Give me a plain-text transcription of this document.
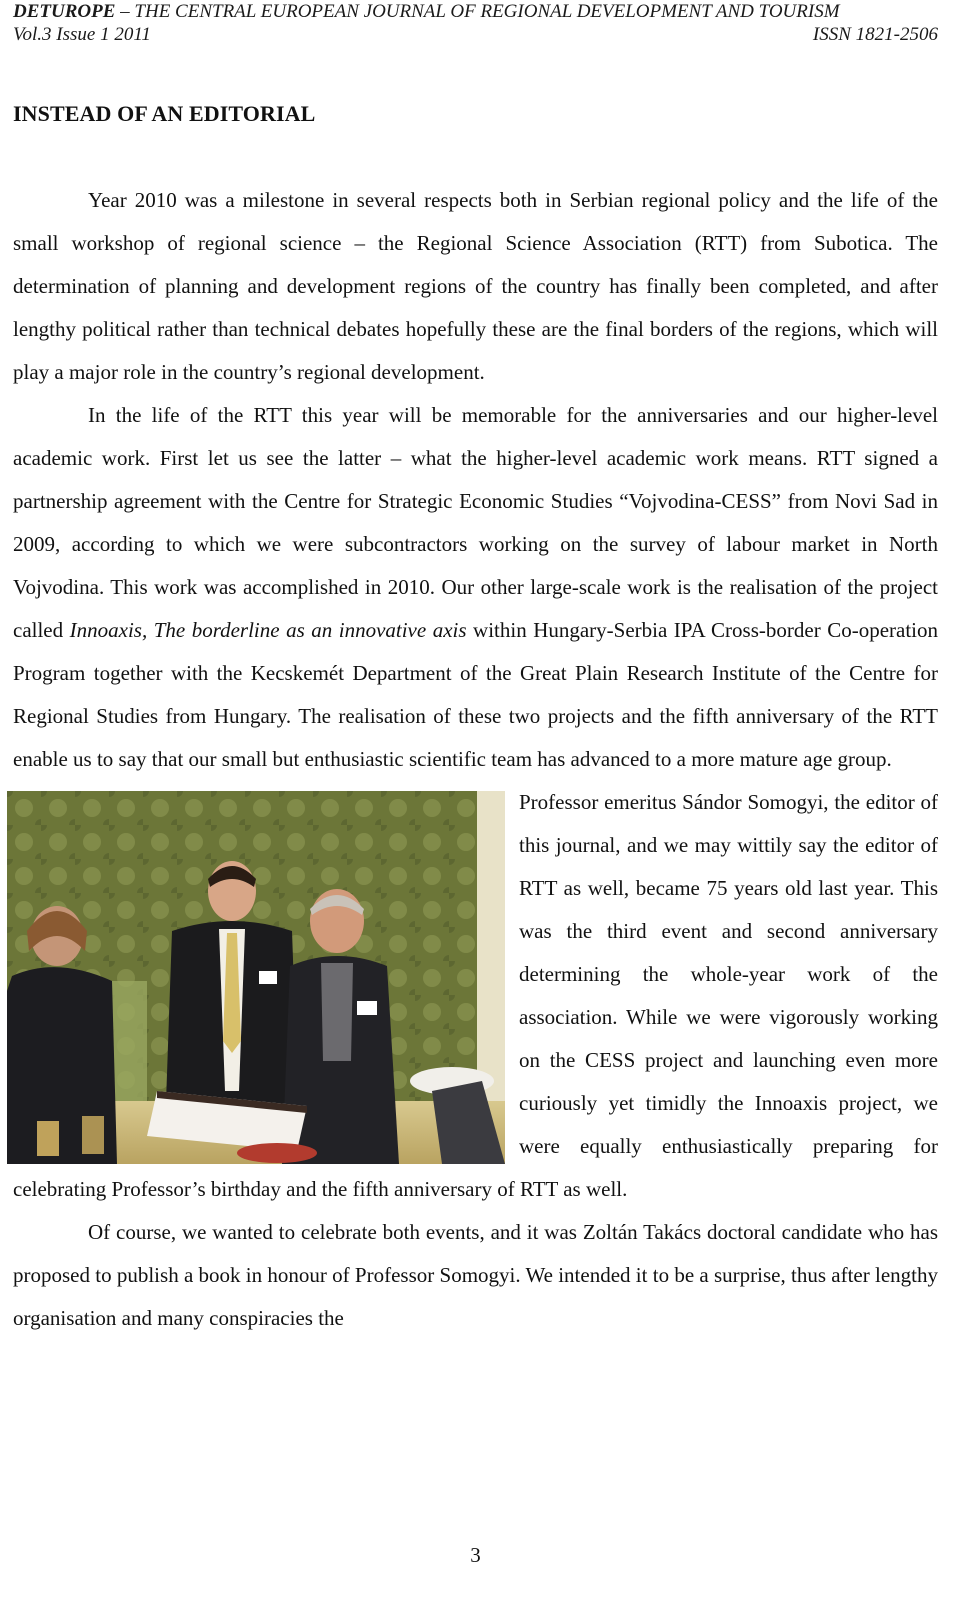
DETUROPE – THE CENTRAL EUROPEAN JOURNAL OF REGIONAL DEVELOPMENT AND TOURISM
Vol.3 Issue 1 2011	ISSN 1821-2506
INSTEAD OF AN EDITORIAL

Year 2010 was a milestone in several respects both in Serbian regional policy and the life of the small workshop of regional science – the Regional Science Association (RTT) from Subotica. The determination of planning and development regions of the country has finally been completed, and after lengthy political rather than technical debates hopefully these are the final borders of the regions, which will play a major role in the country’s regional development.

In the life of the RTT this year will be memorable for the anniversaries and our higher-level academic work. First let us see the latter – what the higher-level academic work means. RTT signed a partnership agreement with the Centre for Strategic Economic Studies “Vojvodina-CESS” from Novi Sad in 2009, according to which we were subcontractors working on the survey of labour market in North Vojvodina. This work was accomplished in 2010. Our other large-scale work is the realisation of the project called Innoaxis, The borderline as an innovative axis within Hungary-Serbia IPA Cross-border Co-operation Program together with the Kecskemét Department of the Great Plain Research Institute of the Centre for Regional Studies from Hungary. The realisation of these two projects and the fifth anniversary of the RTT enable us to say that our small but enthusiastic scientific team has advanced to a more mature age group.

Professor emeritus Sándor Somogyi, the editor of this journal, and we may wittily say the editor of RTT as well, became 75 years old last year. This was the third event and second anniversary determining the whole-year work of the association. While we were vigorously working on the CESS project and launching even more curiously yet timidly the Innoaxis project, we were equally enthusiastically preparing for celebrating Professor’s birthday and the fifth anniversary of RTT as well.

Of course, we wanted to celebrate both events, and it was Zoltán Takács doctoral candidate who has proposed to publish a book in honour of Professor Somogyi. We intended it to be a surprise, thus after lengthy organisation and many conspiracies the

3
